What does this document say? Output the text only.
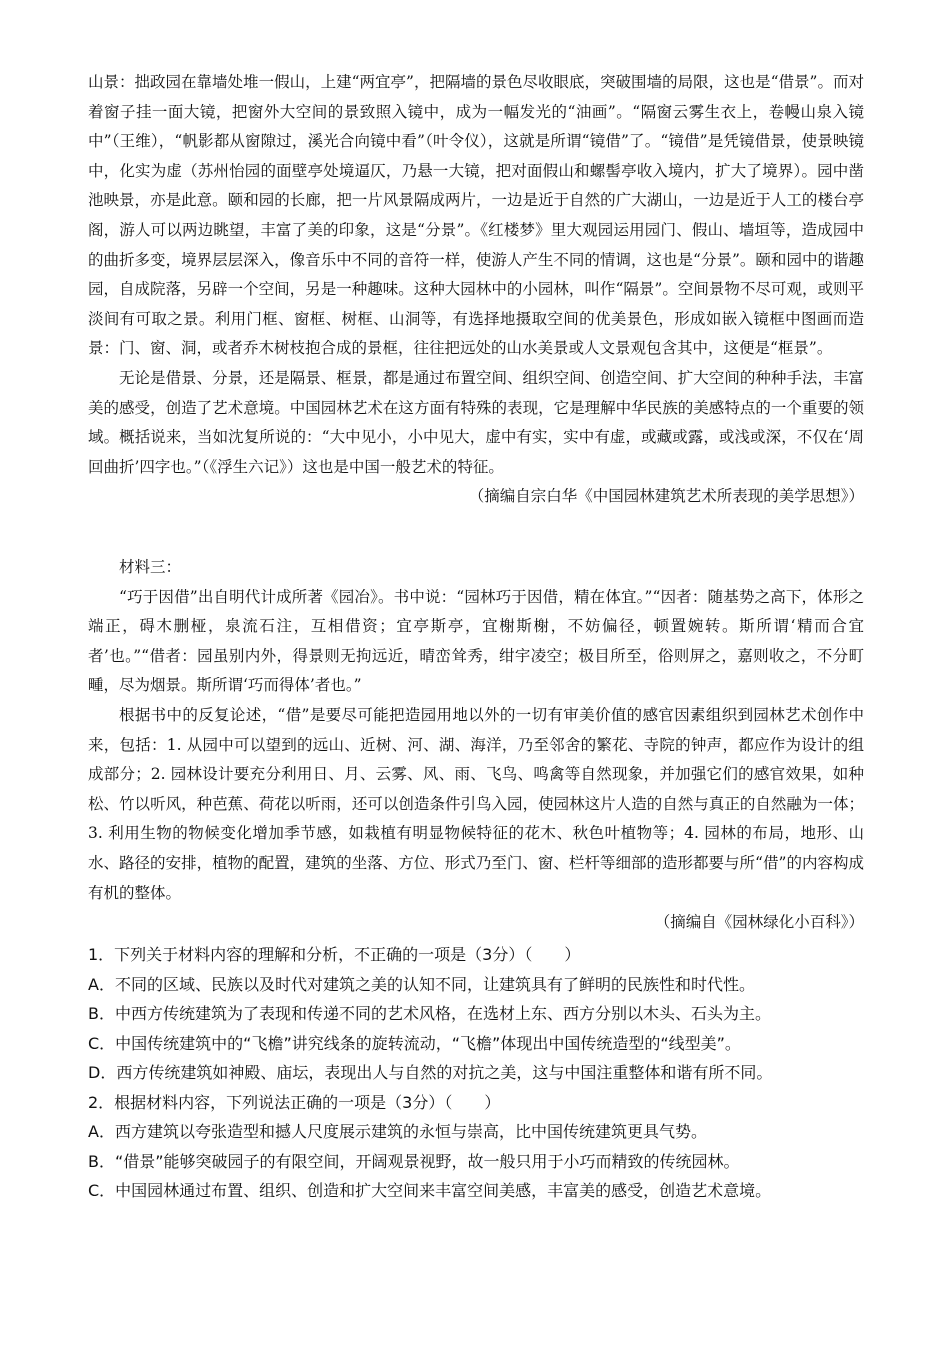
山景：拙政园在靠墙处堆一假山，上建“两宜亭”，把隔墙的景色尽收眼底，突破围墙的局限，这也是“借景”。而对着窗子挂一面大镜，把窗外大空间的景致照入镜中，成为一幅发光的“油画”。“隔窗云雾生衣上，卷幔山泉入镜中”（王维），“帆影都从窗隙过，溪光合向镜中看”（叶令仪），这就是所谓“镜借”了。“镜借”是凭镜借景，使景映镜中，化实为虚（苏州怡园的面壁亭处境逼仄，乃悬一大镜，把对面假山和螺髻亭收入境内，扩大了境界）。园中凿池映景，亦是此意。颐和园的长廊，把一片风景隔成两片，一边是近于自然的广大湖山，一边是近于人工的楼台亭阁，游人可以两边眺望，丰富了美的印象，这是“分景”。《红楼梦》里大观园运用园门、假山、墙垣等，造成园中的曲折多变，境界层层深入，像音乐中不同的音符一样，使游人产生不同的情调，这也是“分景”。颐和园中的谐趣园，自成院落，另辟一个空间，另是一种趣味。这种大园林中的小园林，叫作“隔景”。空间景物不尽可观，或则平淡间有可取之景。利用门框、窗框、树框、山洞等，有选择地摄取空间的优美景色，形成如嵌入镜框中图画而造景：门、窗、洞，或者乔木树枝抱合成的景框，往往把远处的山水美景或人文景观包含其中，这便是“框景”。

无论是借景、分景，还是隔景、框景，都是通过布置空间、组织空间、创造空间、扩大空间的种种手法，丰富美的感受，创造了艺术意境。中国园林艺术在这方面有特殊的表现，它是理解中华民族的美感特点的一个重要的领域。概括说来，当如沈复所说的：“大中见小，小中见大，虚中有实，实中有虚，或藏或露，或浅或深，不仅在‘周回曲折’四字也。”（《浮生六记》）这也是中国一般艺术的特征。

（摘编自宗白华《中国园林建筑艺术所表现的美学思想》）

材料三：

“巧于因借”出自明代计成所著《园冶》。书中说：“园林巧于因借，精在体宜。”“因者：随基势之高下，体形之端正，碍木删桠，泉流石注，互相借资；宜亭斯亭，宜榭斯榭，不妨偏径，顿置婉转。斯所谓‘精而合宜者’也。”“借者：园虽别内外，得景则无拘远近，晴峦耸秀，绀宇凌空；极目所至，俗则屏之，嘉则收之，不分町畽，尽为烟景。斯所谓‘巧而得体’者也。”

根据书中的反复论述，“借”是要尽可能把造园用地以外的一切有审美价值的感官因素组织到园林艺术创作中来，包括：1. 从园中可以望到的远山、近树、河、湖、海洋，乃至邻舍的繁花、寺院的钟声，都应作为设计的组成部分；2. 园林设计要充分利用日、月、云雾、风、雨、飞鸟、鸣禽等自然现象，并加强它们的感官效果，如种松、竹以听风，种芭蕉、荷花以听雨，还可以创造条件引鸟入园，使园林这片人造的自然与真正的自然融为一体；3. 利用生物的物候变化增加季节感，如栽植有明显物候特征的花木、秋色叶植物等；4. 园林的布局，地形、山水、路径的安排，植物的配置，建筑的坐落、方位、形式乃至门、窗、栏杆等细部的造形都要与所“借”的内容构成有机的整体。

（摘编自《园林绿化小百科》）

1．下列关于材料内容的理解和分析，不正确的一项是（3分）（　　）

A．不同的区域、民族以及时代对建筑之美的认知不同，让建筑具有了鲜明的民族性和时代性。

B．中西方传统建筑为了表现和传递不同的艺术风格，在选材上东、西方分别以木头、石头为主。

C．中国传统建筑中的“飞檐”讲究线条的旋转流动，“飞檐”体现出中国传统造型的“线型美”。

D．西方传统建筑如神殿、庙坛，表现出人与自然的对抗之美，这与中国注重整体和谐有所不同。

2．根据材料内容，下列说法正确的一项是（3分）（　　）

A．西方建筑以夸张造型和撼人尺度展示建筑的永恒与崇高，比中国传统建筑更具气势。

B．“借景”能够突破园子的有限空间，开阔观景视野，故一般只用于小巧而精致的传统园林。

C．中国园林通过布置、组织、创造和扩大空间来丰富空间美感，丰富美的感受，创造艺术意境。
